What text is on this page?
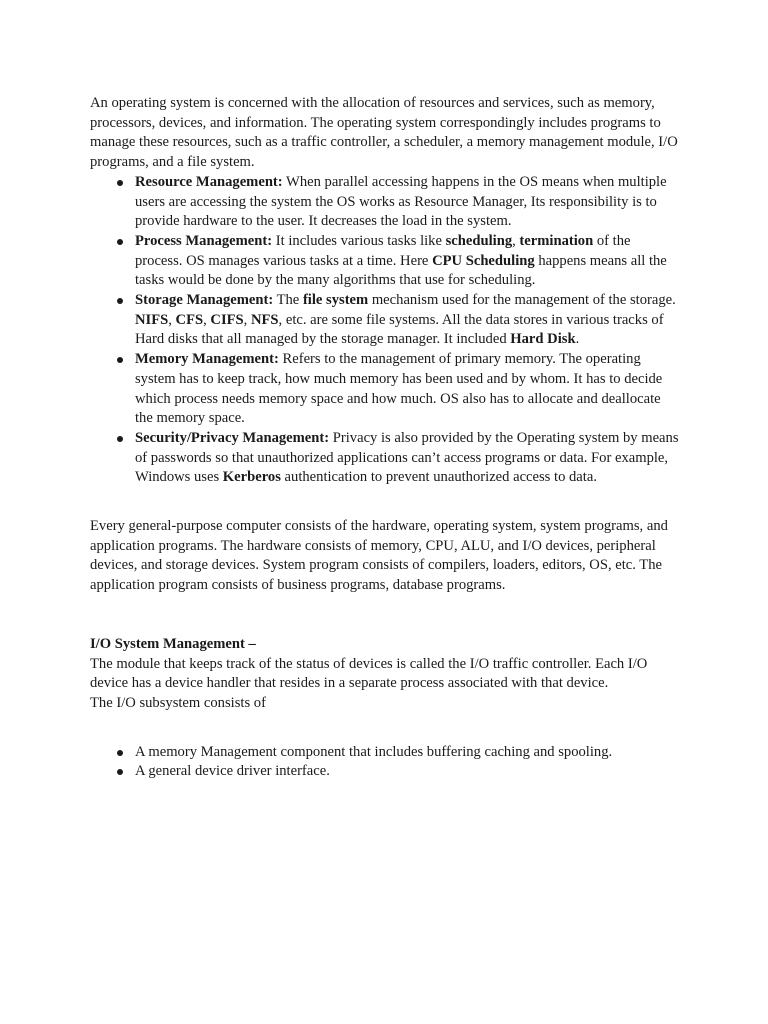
An operating system is concerned with the allocation of resources and services, such as memory, processors, devices, and information. The operating system correspondingly includes programs to manage these resources, such as a traffic controller, a scheduler, a memory management module, I/O programs, and a file system.

Resource Management: When parallel accessing happens in the OS means when multiple users are accessing the system the OS works as Resource Manager, Its responsibility is to provide hardware to the user. It decreases the load in the system.
Process Management: It includes various tasks like scheduling, termination of the process. OS manages various tasks at a time. Here CPU Scheduling happens means all the tasks would be done by the many algorithms that use for scheduling.
Storage Management: The file system mechanism used for the management of the storage. NIFS, CFS, CIFS, NFS, etc. are some file systems. All the data stores in various tracks of Hard disks that all managed by the storage manager. It included Hard Disk.
Memory Management: Refers to the management of primary memory. The operating system has to keep track, how much memory has been used and by whom. It has to decide which process needs memory space and how much. OS also has to allocate and deallocate the memory space.
Security/Privacy Management: Privacy is also provided by the Operating system by means of passwords so that unauthorized applications can’t access programs or data. For example, Windows uses Kerberos authentication to prevent unauthorized access to data.

Every general-purpose computer consists of the hardware, operating system, system programs, and application programs. The hardware consists of memory, CPU, ALU, and I/O devices, peripheral devices, and storage devices. System program consists of compilers, loaders, editors, OS, etc. The application program consists of business programs, database programs.

I/O System Management –

The module that keeps track of the status of devices is called the I/O traffic controller. Each I/O device has a device handler that resides in a separate process associated with that device.

The I/O subsystem consists of

A memory Management component that includes buffering caching and spooling.
A general device driver interface.
